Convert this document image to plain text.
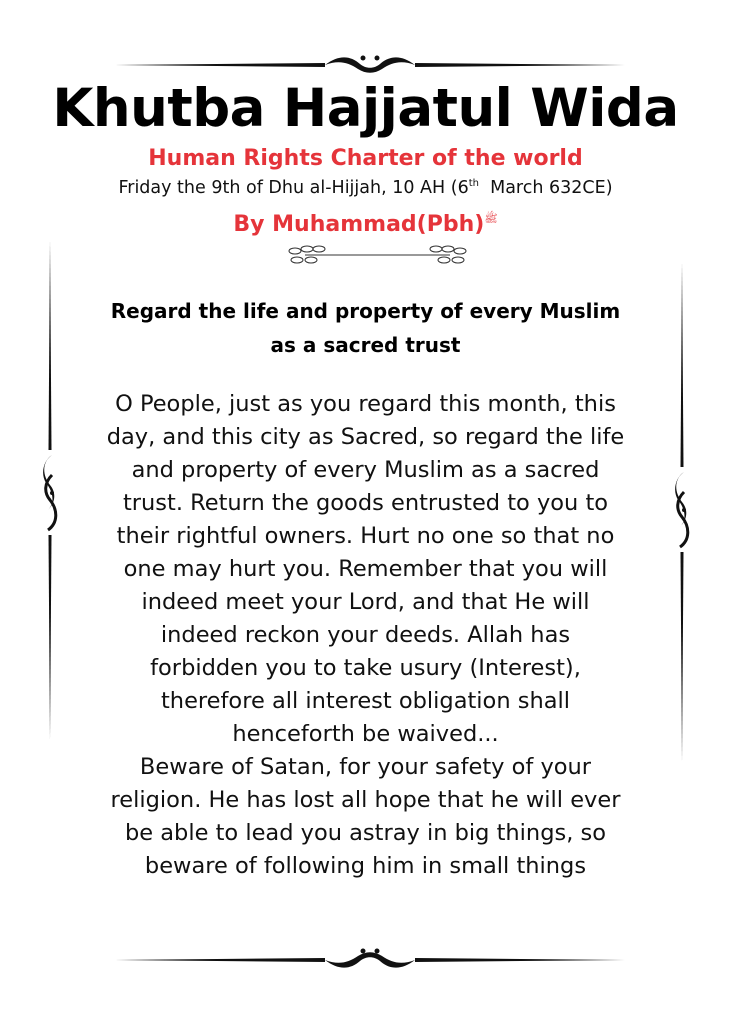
Khutba Hajjatul Wida
Human Rights Charter of the world
Friday the 9th of Dhu al-Hijjah, 10 AH (6th  March 632CE)
By Muhammad(Pbh)$^ﷺ$
Regard the life and property of every Muslim
as a sacred trust
O People, just as you regard this month, this
day, and this city as Sacred, so regard the life
and property of every Muslim as a sacred
trust. Return the goods entrusted to you to
their rightful owners. Hurt no one so that no
one may hurt you. Remember that you will
indeed meet your Lord, and that He will
indeed reckon your deeds. Allah has
forbidden you to take usury (Interest),
therefore all interest obligation shall
henceforth be waived...
Beware of Satan, for your safety of your
religion. He has lost all hope that he will ever
be able to lead you astray in big things, so
beware of following him in small things
